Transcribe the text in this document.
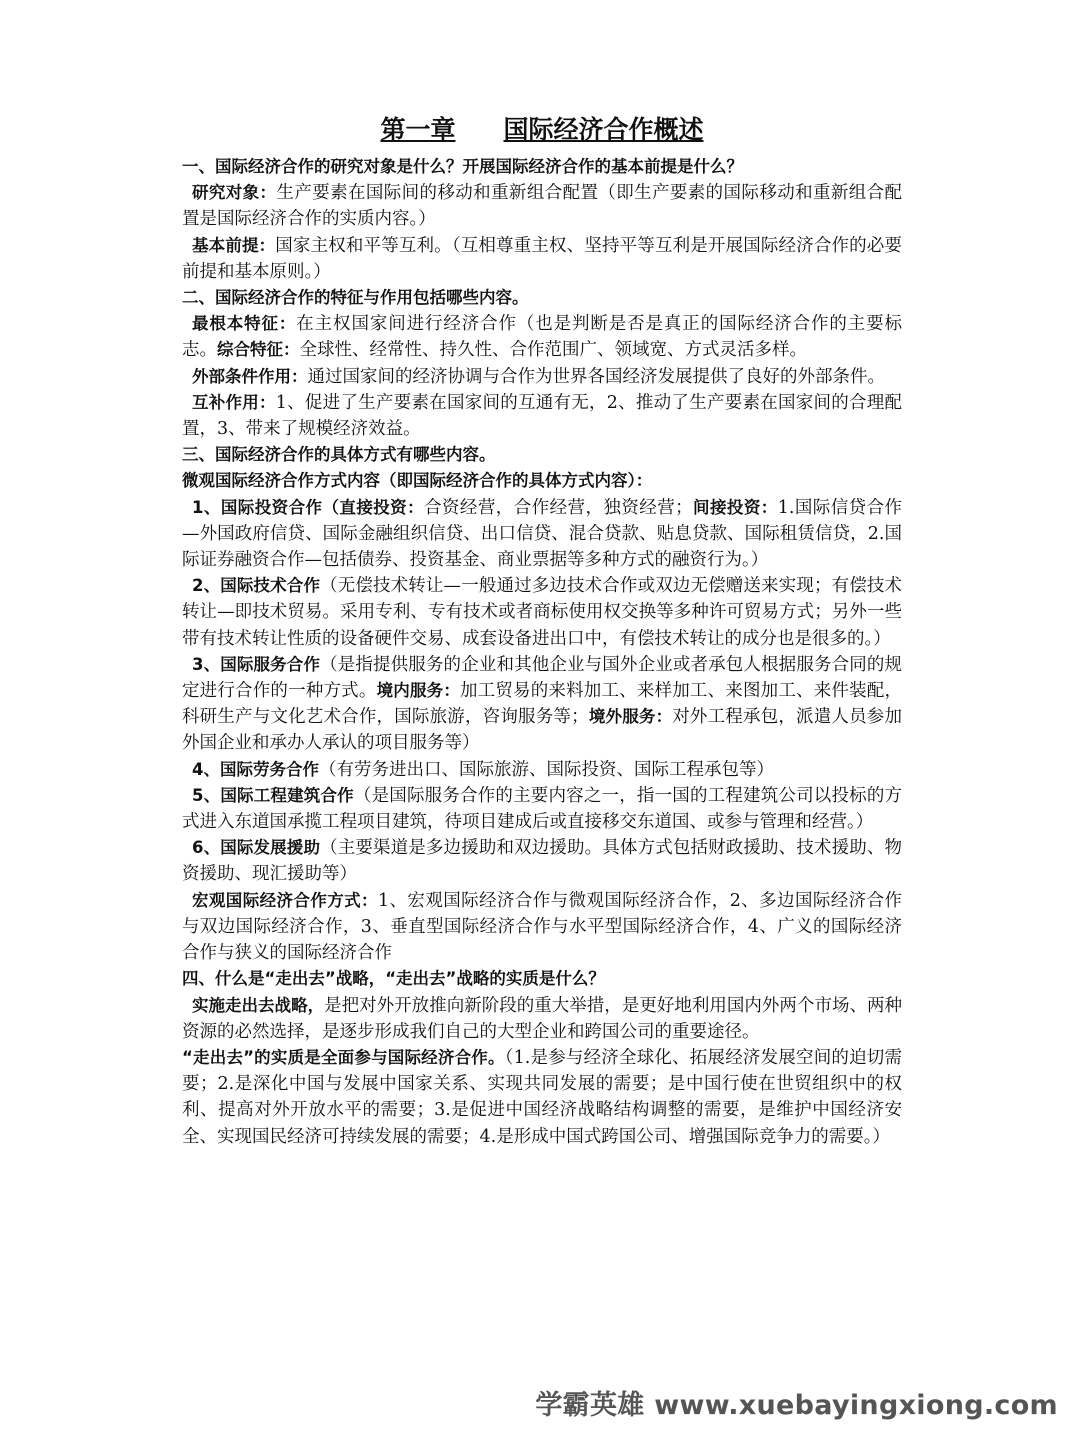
第一章 国际经济合作概述
一、国际经济合作的研究对象是什么？开展国际经济合作的基本前提是什么？
研究对象：生产要素在国际间的移动和重新组合配置（即生产要素的国际移动和重新组合配置是国际经济合作的实质内容。）
基本前提：国家主权和平等互利。（互相尊重主权、坚持平等互利是开展国际经济合作的必要前提和基本原则。）
二、国际经济合作的特征与作用包括哪些内容。
最根本特征：在主权国家间进行经济合作（也是判断是否是真正的国际经济合作的主要标志。综合特征：全球性、经常性、持久性、合作范围广、领域宽、方式灵活多样。
外部条件作用：通过国家间的经济协调与合作为世界各国经济发展提供了良好的外部条件。
互补作用：1、促进了生产要素在国家间的互通有无，2、推动了生产要素在国家间的合理配置，3、带来了规模经济效益。
三、国际经济合作的具体方式有哪些内容。
微观国际经济合作方式内容（即国际经济合作的具体方式内容）：
1、国际投资合作（直接投资：合资经营，合作经营，独资经营；间接投资：1.国际信贷合作—外国政府信贷、国际金融组织信贷、出口信贷、混合贷款、贴息贷款、国际租赁信贷，2.国际证券融资合作—包括债券、投资基金、商业票据等多种方式的融资行为。）
2、国际技术合作（无偿技术转让—一般通过多边技术合作或双边无偿赠送来实现；有偿技术转让—即技术贸易。采用专利、专有技术或者商标使用权交换等多种许可贸易方式；另外一些带有技术转让性质的设备硬件交易、成套设备进出口中，有偿技术转让的成分也是很多的。）
3、国际服务合作（是指提供服务的企业和其他企业与国外企业或者承包人根据服务合同的规定进行合作的一种方式。境内服务：加工贸易的来料加工、来样加工、来图加工、来件装配，科研生产与文化艺术合作，国际旅游，咨询服务等；境外服务：对外工程承包，派遣人员参加外国企业和承办人承认的项目服务等）
4、国际劳务合作（有劳务进出口、国际旅游、国际投资、国际工程承包等）
5、国际工程建筑合作（是国际服务合作的主要内容之一，指一国的工程建筑公司以投标的方式进入东道国承揽工程项目建筑，待项目建成后或直接移交东道国、或参与管理和经营。）
6、国际发展援助（主要渠道是多边援助和双边援助。具体方式包括财政援助、技术援助、物资援助、现汇援助等）
宏观国际经济合作方式：1、宏观国际经济合作与微观国际经济合作，2、多边国际经济合作与双边国际经济合作，3、垂直型国际经济合作与水平型国际经济合作，4、广义的国际经济合作与狭义的国际经济合作
四、什么是“走出去”战略，“走出去”战略的实质是什么？
实施走出去战略，是把对外开放推向新阶段的重大举措，是更好地利用国内外两个市场、两种资源的必然选择，是逐步形成我们自己的大型企业和跨国公司的重要途径。
“走出去”的实质是全面参与国际经济合作。（1.是参与经济全球化、拓展经济发展空间的迫切需要；2.是深化中国与发展中国家关系、实现共同发展的需要；是中国行使在世贸组织中的权利、提高对外开放水平的需要；3.是促进中国经济战略结构调整的需要，是维护中国经济安全、实现国民经济可持续发展的需要；4.是形成中国式跨国公司、增强国际竞争力的需要。）
学霸英雄 www.xuebayingxiong.com
